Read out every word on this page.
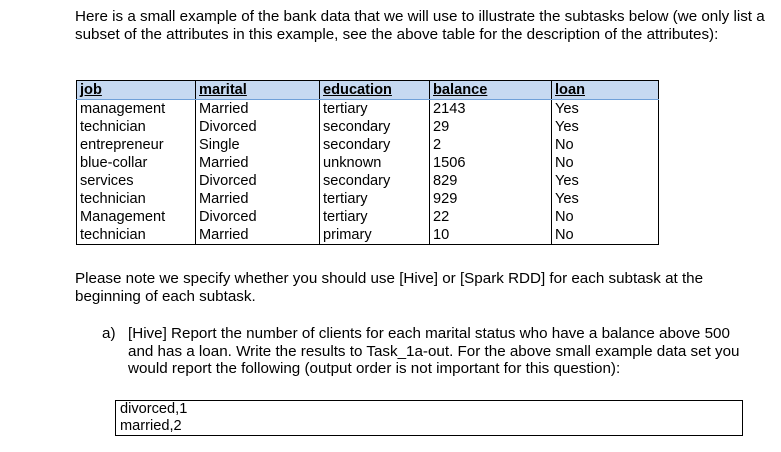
Here is a small example of the bank data that we will use to illustrate the subtasks below (we only list a subset of the attributes in this example, see the above table for the description of the attributes):

job	marital	education	balance	loan
management	Married	tertiary	2143	Yes
technician	Divorced	secondary	29	Yes
entrepreneur	Single	secondary	2	No
blue-collar	Married	unknown	1506	No
services	Divorced	secondary	829	Yes
technician	Married	tertiary	929	Yes
Management	Divorced	tertiary	22	No
technician	Married	primary	10	No

Please note we specify whether you should use [Hive] or [Spark RDD] for each subtask at the beginning of each subtask.

a) [Hive] Report the number of clients for each marital status who have a balance above 500 and has a loan. Write the results to Task_1a-out. For the above small example data set you would report the following (output order is not important for this question):
divorced,1
married,2
